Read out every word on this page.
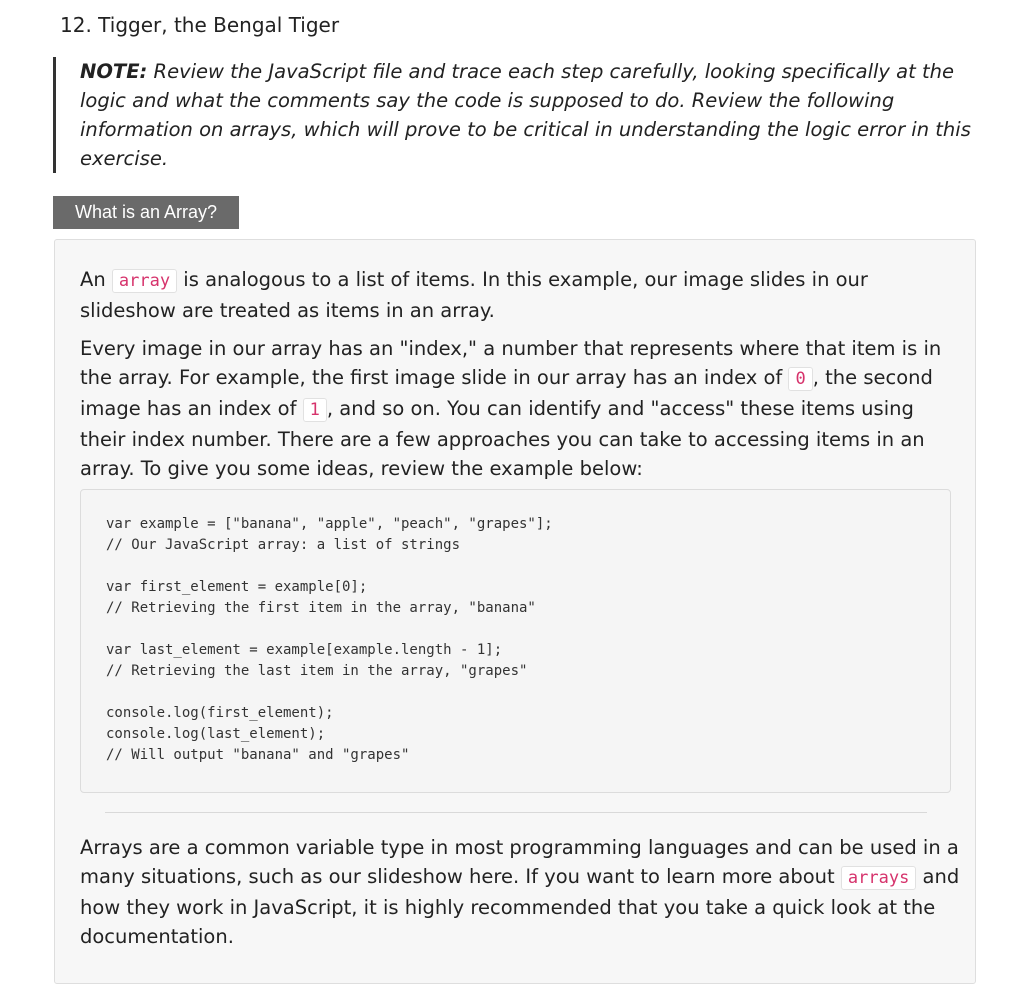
12. Tigger, the Bengal Tiger
NOTE: Review the JavaScript file and trace each step carefully, looking specifically at the logic and what the comments say the code is supposed to do. Review the following information on arrays, which will prove to be critical in understanding the logic error in this exercise.
What is an Array?
An array is analogous to a list of items. In this example, our image slides in our slideshow are treated as items in an array.
Every image in our array has an "index," a number that represents where that item is in the array. For example, the first image slide in our array has an index of 0 , the second image has an index of 1 , and so on. You can identify and "access" these items using their index number. There are a few approaches you can take to accessing items in an array. To give you some ideas, review the example below:
var example = ["banana", "apple", "peach", "grapes"];
// Our JavaScript array: a list of strings
var first_element = example[0];
// Retrieving the first item in the array, "banana"
var last_element = example[example.length - 1];
// Retrieving the last item in the array, "grapes"
console.log(first_element);
console.log(last_element);
// Will output "banana" and "grapes"
Arrays are a common variable type in most programming languages and can be used in a many situations, such as our slideshow here. If you want to learn more about arrays and how they work in JavaScript, it is highly recommended that you take a quick look at the documentation.
